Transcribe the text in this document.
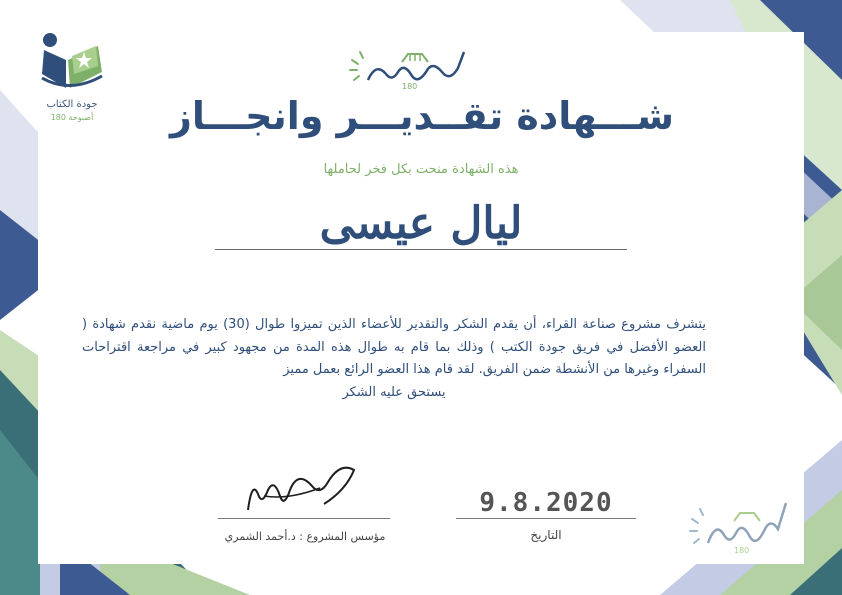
جودة الكتاب
أصبوحة 180
180
شـــهادة تقــديـــر وانجـــاز
هذه الشهادة منحت بكل فخر لحاملها
ليال عيسى
يتشرف مشروع صناعة القراء، أن يقدم الشكر والتقدير للأعضاء الذين تميزوا طوال (30) يوم ماضية نقدم شهادة ( العضو الأفضل في فريق جودة الكتب ) وذلك بما قام به طوال هذه المدة من مجهود كبير في مراجعة اقتراحات السفراء وغيرها من الأنشطة ضمن الفريق. لقد قام هذا العضو الرائع بعمل مميز
يستحق عليه الشكر
مؤسس المشروع : د.أحمد الشمري
9.8.2020
التاريخ
180
